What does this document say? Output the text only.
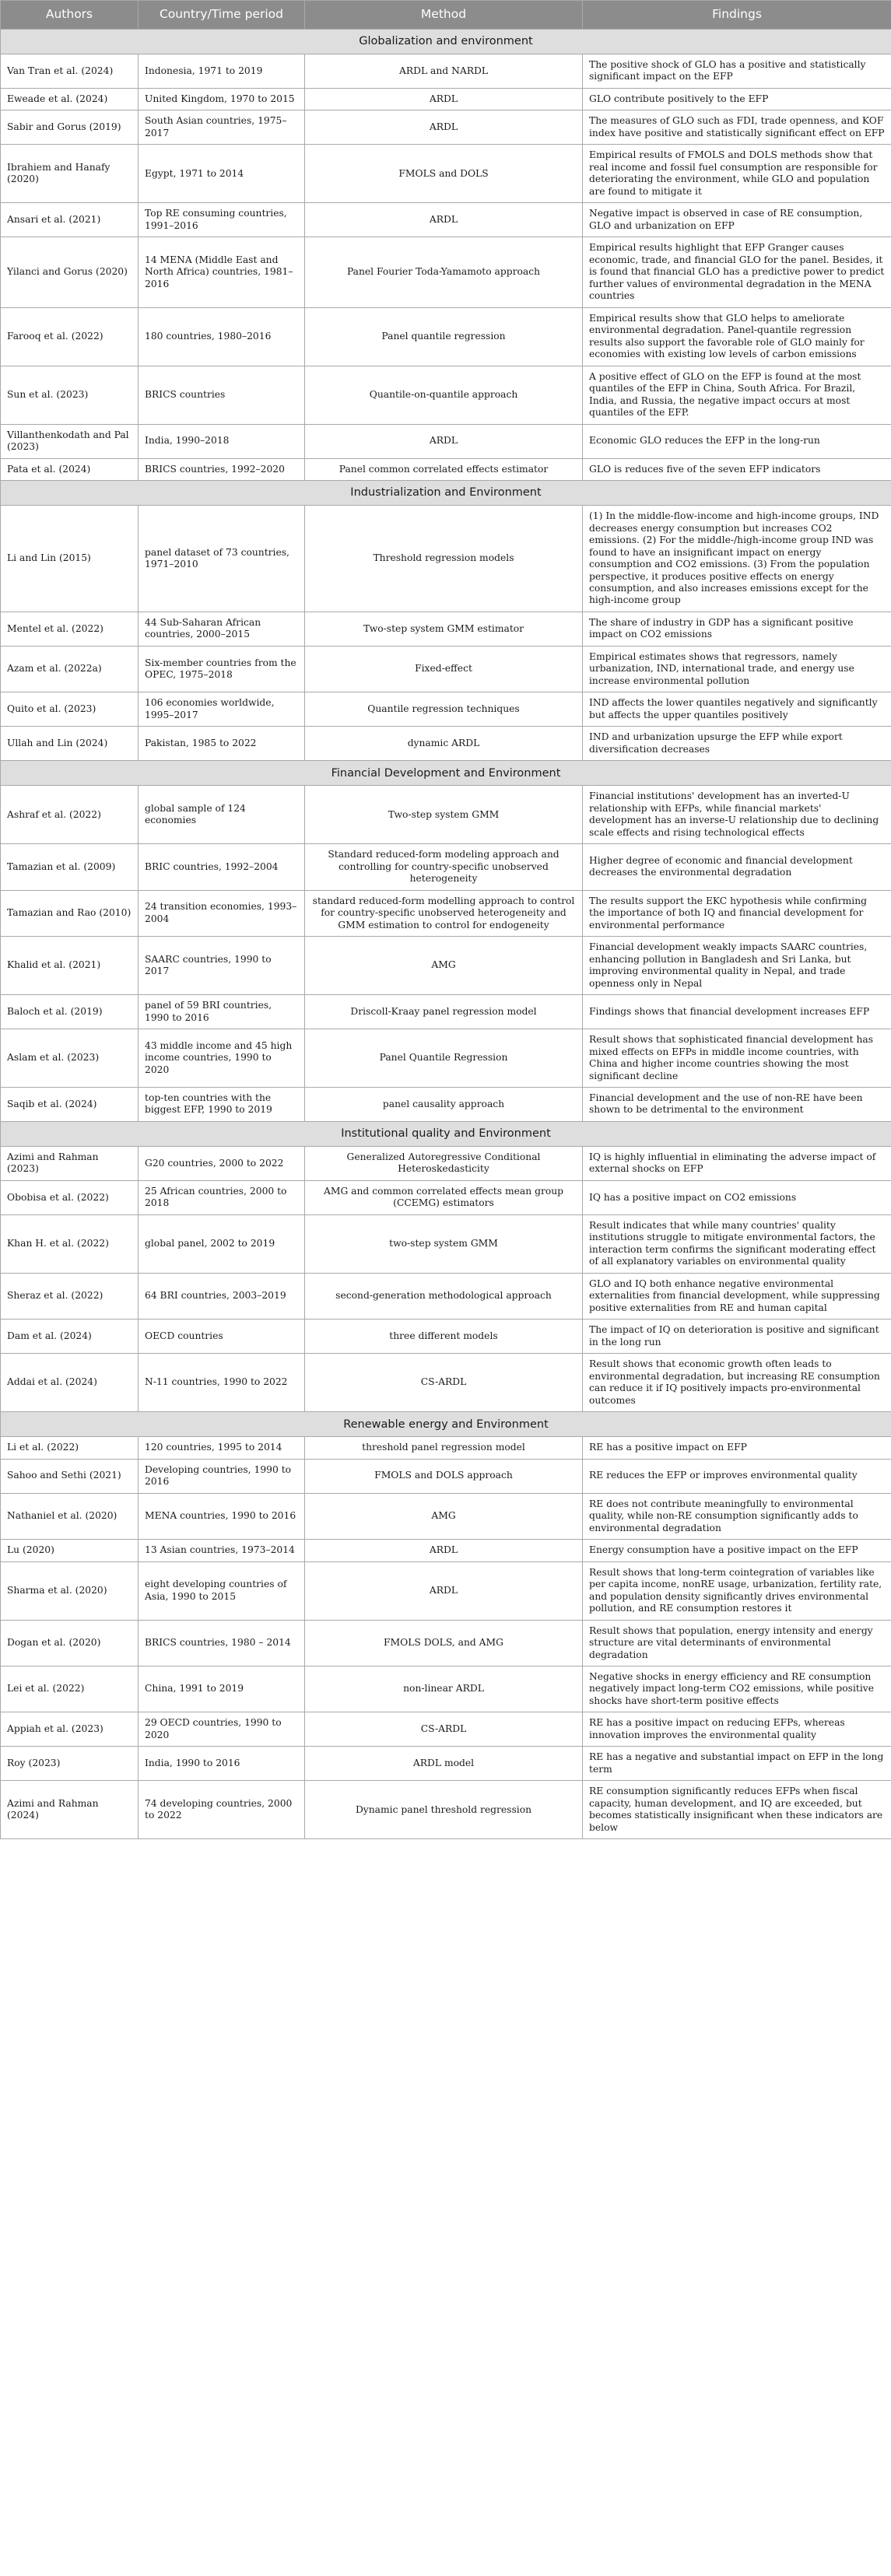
Authors	Country/Time period	Method	Findings
Globalization and environment			
Van Tran et al. (2024)	Indonesia, 1971 to 2019	ARDL and NARDL	The positive shock of GLO has a positive and statistically significant impact on the EFP
Eweade et al. (2024)	United Kingdom, 1970 to 2015	ARDL	GLO contribute positively to the EFP
Sabir and Gorus (2019)	South Asian countries, 1975–2017	ARDL	The measures of GLO such as FDI, trade openness, and KOF index have positive and statistically significant effect on EFP
Ibrahiem and Hanafy (2020)	Egypt, 1971 to 2014	FMOLS and DOLS	Empirical results of FMOLS and DOLS methods show that real income and fossil fuel consumption are responsible for deteriorating the environment, while GLO and population are found to mitigate it
Ansari et al. (2021)	Top RE consuming countries, 1991–2016	ARDL	Negative impact is observed in case of RE consumption, GLO and urbanization on EFP
Yilanci and Gorus (2020)	14 MENA (Middle East and North Africa) countries, 1981–2016	Panel Fourier Toda-Yamamoto approach	Empirical results highlight that EFP Granger causes economic, trade, and financial GLO for the panel. Besides, it is found that financial GLO has a predictive power to predict further values of environmental degradation in the MENA countries
Farooq et al. (2022)	180 countries, 1980–2016	Panel quantile regression	Empirical results show that GLO helps to ameliorate environmental degradation. Panel-quantile regression results also support the favorable role of GLO mainly for economies with existing low levels of carbon emissions
Sun et al. (2023)	BRICS countries	Quantile-on-quantile approach	A positive effect of GLO on the EFP is found at the most quantiles of the EFP in China, South Africa. For Brazil, India, and Russia, the negative impact occurs at most quantiles of the EFP.
Villanthenkodath and Pal (2023)	India, 1990–2018	ARDL	Economic GLO reduces the EFP in the long-run
Pata et al. (2024)	BRICS countries, 1992–2020	Panel common correlated effects estimator	GLO is reduces five of the seven EFP indicators
Industrialization and Environment			
Li and Lin (2015)	panel dataset of 73 countries, 1971–2010	Threshold regression models	(1) In the middle-flow-income and high-income groups, IND decreases energy consumption but increases CO2 emissions. (2) For the middle-/high-income group IND was found to have an insignificant impact on energy consumption and CO2 emissions. (3) From the population perspective, it produces positive effects on energy consumption, and also increases emissions except for the high-income group
Mentel et al. (2022)	44 Sub-Saharan African countries, 2000–2015	Two-step system GMM estimator	The share of industry in GDP has a significant positive impact on CO2 emissions
Azam et al. (2022a)	Six-member countries from the OPEC, 1975–2018	Fixed-effect	Empirical estimates shows that regressors, namely urbanization, IND, international trade, and energy use increase environmental pollution
Quito et al. (2023)	106 economies worldwide, 1995–2017	Quantile regression techniques	IND affects the lower quantiles negatively and significantly but affects the upper quantiles positively
Ullah and Lin (2024)	Pakistan, 1985 to 2022	dynamic ARDL	IND and urbanization upsurge the EFP while export diversification decreases
Financial Development and Environment			
Ashraf et al. (2022)	global sample of 124 economies	Two-step system GMM	Financial institutions' development has an inverted-U relationship with EFPs, while financial markets' development has an inverse-U relationship due to declining scale effects and rising technological effects
Tamazian et al. (2009)	BRIC countries, 1992–2004	Standard reduced-form modeling approach and controlling for country-specific unobserved heterogeneity	Higher degree of economic and financial development decreases the environmental degradation
Tamazian and Rao (2010)	24 transition economies, 1993–2004	standard reduced-form modelling approach to control for country-specific unobserved heterogeneity and GMM estimation to control for endogeneity	The results support the EKC hypothesis while confirming the importance of both IQ and financial development for environmental performance
Khalid et al. (2021)	SAARC countries, 1990 to 2017	AMG	Financial development weakly impacts SAARC countries, enhancing pollution in Bangladesh and Sri Lanka, but improving environmental quality in Nepal, and trade openness only in Nepal
Baloch et al. (2019)	panel of 59 BRI countries, 1990 to 2016	Driscoll-Kraay panel regression model	Findings shows that financial development increases EFP
Aslam et al. (2023)	43 middle income and 45 high income countries, 1990 to 2020	Panel Quantile Regression	Result shows that sophisticated financial development has mixed effects on EFPs in middle income countries, with China and higher income countries showing the most significant decline
Saqib et al. (2024)	top-ten countries with the biggest EFP, 1990 to 2019	panel causality approach	Financial development and the use of non-RE have been shown to be detrimental to the environment
Institutional quality and Environment			
Azimi and Rahman (2023)	G20 countries, 2000 to 2022	Generalized Autoregressive Conditional Heteroskedasticity	IQ is highly influential in eliminating the adverse impact of external shocks on EFP
Obobisa et al. (2022)	25 African countries, 2000 to 2018	AMG and common correlated effects mean group (CCEMG) estimators	IQ has a positive impact on CO2 emissions
Khan H. et al. (2022)	global panel, 2002 to 2019	two-step system GMM	Result indicates that while many countries' quality institutions struggle to mitigate environmental factors, the interaction term confirms the significant moderating effect of all explanatory variables on environmental quality
Sheraz et al. (2022)	64 BRI countries, 2003–2019	second-generation methodological approach	GLO and IQ both enhance negative environmental externalities from financial development, while suppressing positive externalities from RE and human capital
Dam et al. (2024)	OECD countries	three different models	The impact of IQ on deterioration is positive and significant in the long run
Addai et al. (2024)	N-11 countries, 1990 to 2022	CS-ARDL	Result shows that economic growth often leads to environmental degradation, but increasing RE consumption can reduce it if IQ positively impacts pro-environmental outcomes
Renewable energy and Environment			
Li et al. (2022)	120 countries, 1995 to 2014	threshold panel regression model	RE has a positive impact on EFP
Sahoo and Sethi (2021)	Developing countries, 1990 to 2016	FMOLS and DOLS approach	RE reduces the EFP or improves environmental quality
Nathaniel et al. (2020)	MENA countries, 1990 to 2016	AMG	RE does not contribute meaningfully to environmental quality, while non-RE consumption significantly adds to environmental degradation
Lu (2020)	13 Asian countries, 1973–2014	ARDL	Energy consumption have a positive impact on the EFP
Sharma et al. (2020)	eight developing countries of Asia, 1990 to 2015	ARDL	Result shows that long-term cointegration of variables like per capita income, nonRE usage, urbanization, fertility rate, and population density significantly drives environmental pollution, and RE consumption restores it
Dogan et al. (2020)	BRICS countries, 1980 – 2014	FMOLS DOLS, and AMG	Result shows that population, energy intensity and energy structure are vital determinants of environmental degradation
Lei et al. (2022)	China, 1991 to 2019	non-linear ARDL	Negative shocks in energy efficiency and RE consumption negatively impact long-term CO2 emissions, while positive shocks have short-term positive effects
Appiah et al. (2023)	29 OECD countries, 1990 to 2020	CS-ARDL	RE has a positive impact on reducing EFPs, whereas innovation improves the environmental quality
Roy (2023)	India, 1990 to 2016	ARDL model	RE has a negative and substantial impact on EFP in the long term
Azimi and Rahman (2024)	74 developing countries, 2000 to 2022	Dynamic panel threshold regression	RE consumption significantly reduces EFPs when fiscal capacity, human development, and IQ are exceeded, but becomes statistically insignificant when these indicators are below
